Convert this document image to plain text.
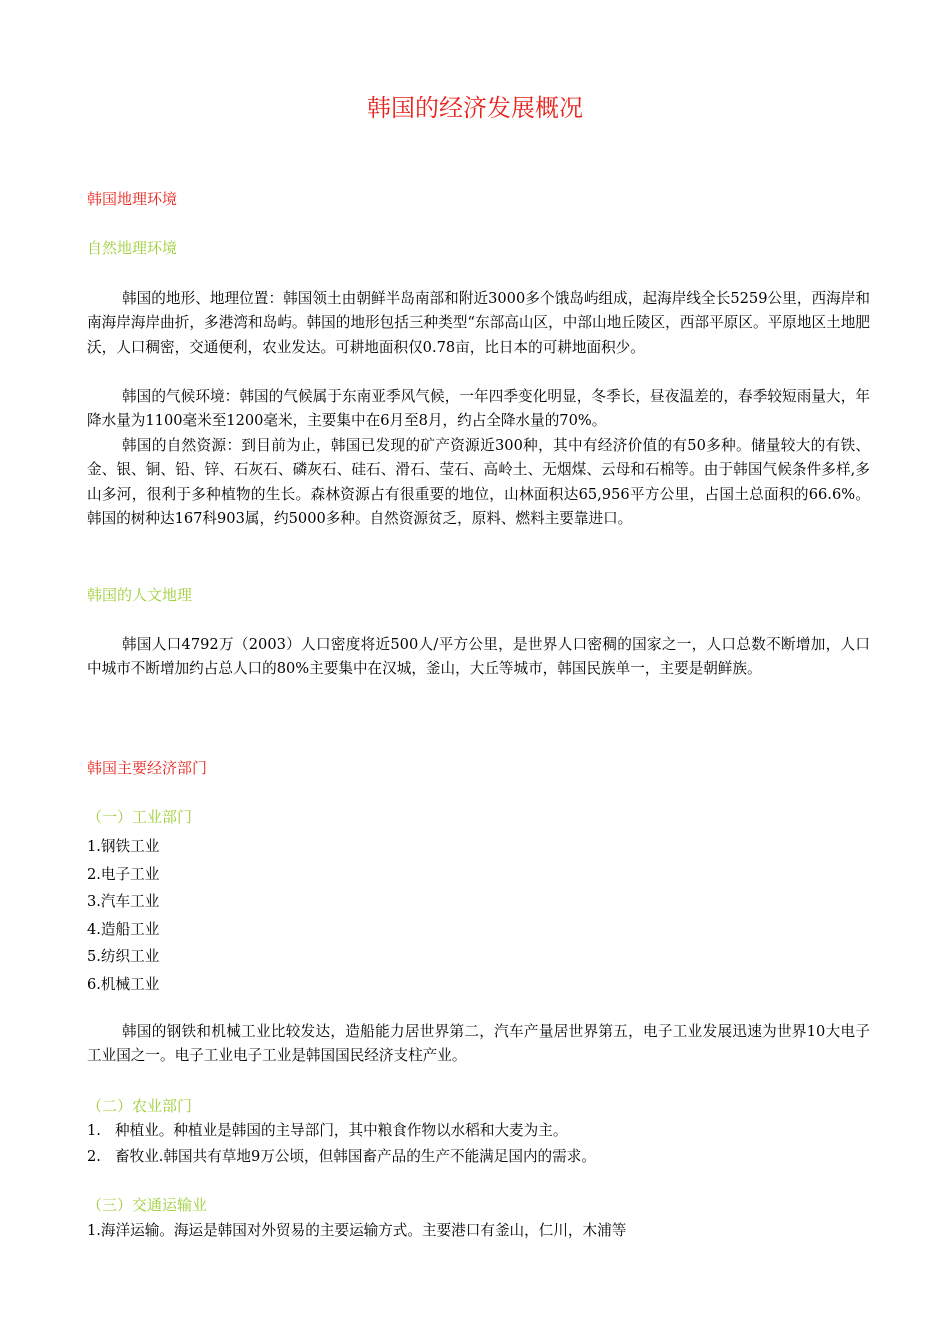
韩国的经济发展概况
韩国地理环境
自然地理环境

韩国的地形、地理位置：韩国领土由朝鲜半岛南部和附近3000多个饿岛屿组成，起海岸线全长5259公里，西海岸和南海岸海岸曲折，多港湾和岛屿。韩国的地形包括三种类型“东部高山区，中部山地丘陵区，西部平原区。平原地区土地肥沃，人口稠密，交通便利，农业发达。可耕地面积仅0.78亩，比日本的可耕地面积少。

韩国的气候环境：韩国的气候属于东南亚季风气候，一年四季变化明显，冬季长，昼夜温差的，春季较短雨量大，年降水量为1100毫米至1200毫米，主要集中在6月至8月，约占全降水量的70%。

韩国的自然资源：到目前为止，韩国已发现的矿产资源近300种，其中有经济价值的有50多种。储量较大的有铁、金、银、铜、铅、锌、石灰石、磷灰石、硅石、滑石、莹石、高岭土、无烟煤、云母和石棉等。由于韩国气候条件多样,多山多河，很利于多种植物的生长。森林资源占有很重要的地位，山林面积达65,956平方公里，占国土总面积的66.6%。韩国的树种达167科903属，约5000多种。自然资源贫乏，原料、燃料主要靠进口。

韩国的人文地理

韩国人口4792万（2003）人口密度将近500人/平方公里，是世界人口密稠的国家之一，人口总数不断增加，人口中城市不断增加约占总人口的80%主要集中在汉城，釜山，大丘等城市，韩国民族单一，主要是朝鲜族。

韩国主要经济部门
（一）工业部门
1.钢铁工业
2.电子工业
3.汽车工业
4.造船工业
5.纺织工业
6.机械工业

韩国的钢铁和机械工业比较发达，造船能力居世界第二，汽车产量居世界第五，电子工业发展迅速为世界10大电子工业国之一。电子工业电子工业是韩国国民经济支柱产业。

（二）农业部门
1. 种植业。种植业是韩国的主导部门，其中粮食作物以水稻和大麦为主。
2. 畜牧业.韩国共有草地9万公顷，但韩国畜产品的生产不能满足国内的需求。
（三）交通运输业

1.海洋运输。海运是韩国对外贸易的主要运输方式。主要港口有釜山，仁川，木浦等
